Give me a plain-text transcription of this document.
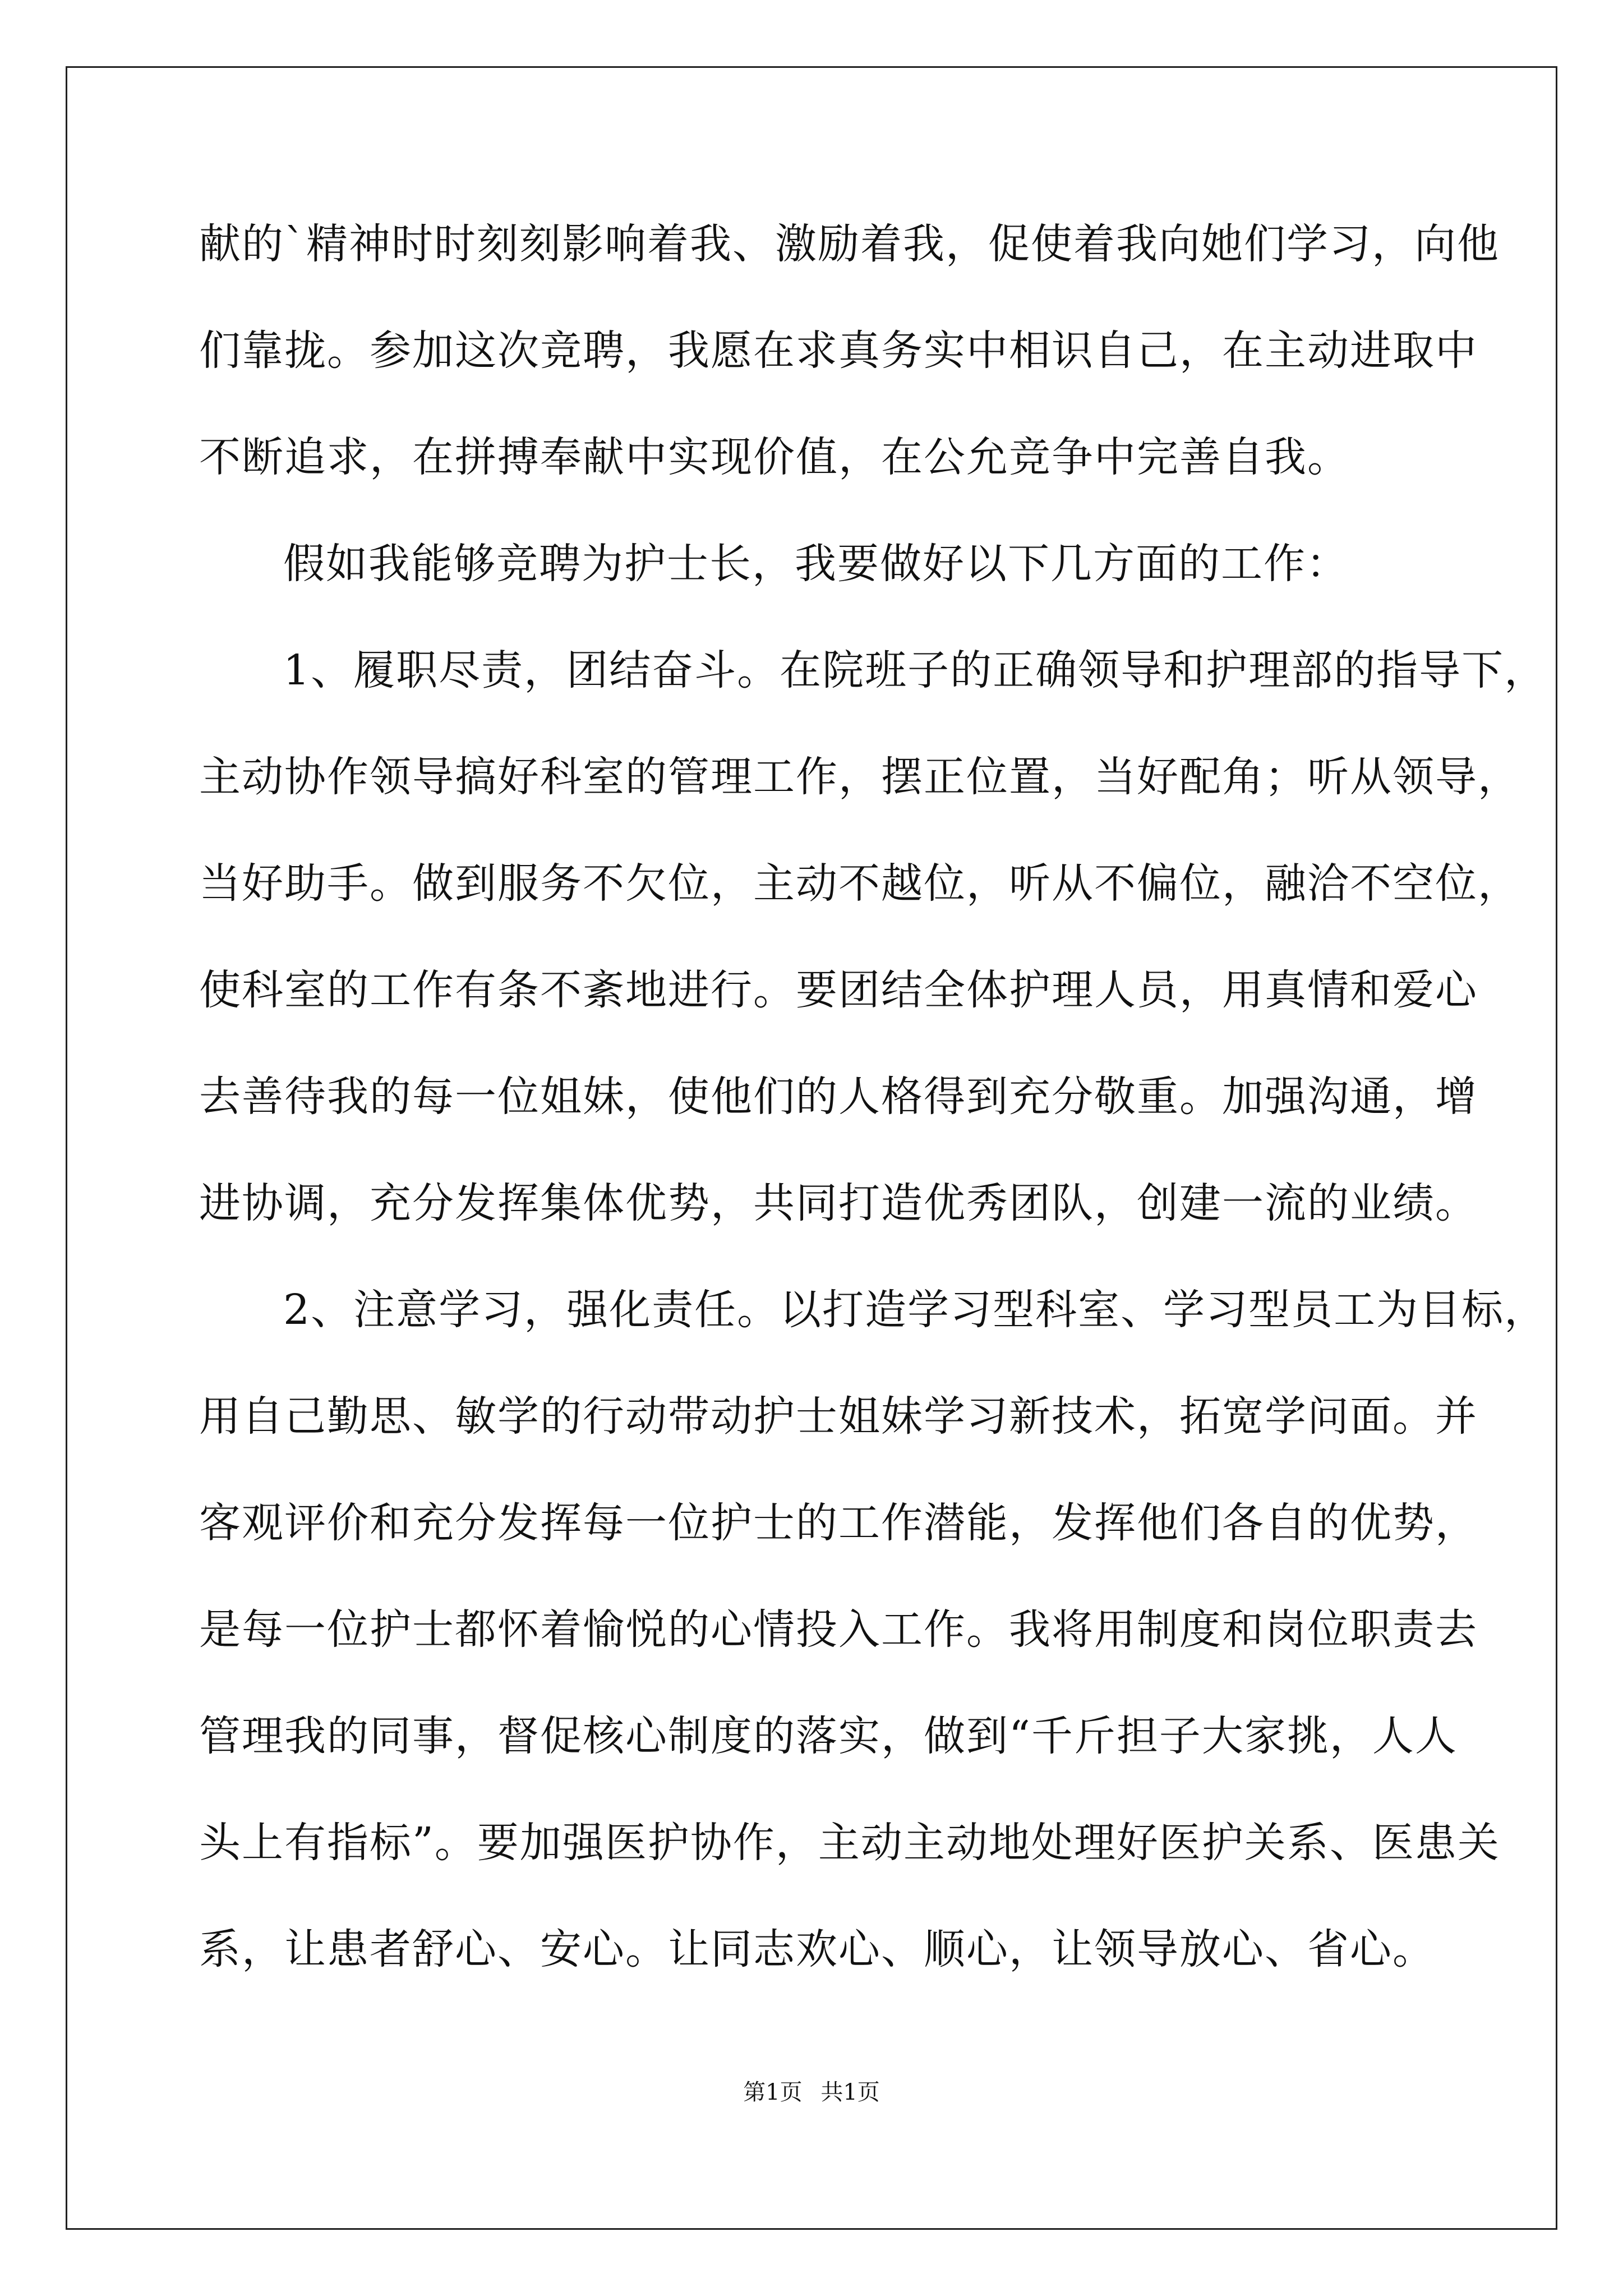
献的`精神时时刻刻影响着我、激励着我，促使着我向她们学习，向他
们靠拢。参加这次竞聘，我愿在求真务实中相识自己，在主动进取中
不断追求，在拼搏奉献中实现价值，在公允竞争中完善自我。
假如我能够竞聘为护士长，我要做好以下几方面的工作：
1、履职尽责，团结奋斗。在院班子的正确领导和护理部的指导下，
主动协作领导搞好科室的管理工作，摆正位置，当好配角；听从领导，
当好助手。做到服务不欠位，主动不越位，听从不偏位，融洽不空位，
使科室的工作有条不紊地进行。要团结全体护理人员，用真情和爱心
去善待我的每一位姐妹，使他们的人格得到充分敬重。加强沟通，增
进协调，充分发挥集体优势，共同打造优秀团队，创建一流的业绩。
2、注意学习，强化责任。以打造学习型科室、学习型员工为目标，
用自己勤思、敏学的行动带动护士姐妹学习新技术，拓宽学问面。并
客观评价和充分发挥每一位护士的工作潜能，发挥他们各自的优势，
是每一位护士都怀着愉悦的心情投入工作。我将用制度和岗位职责去
管理我的同事，督促核心制度的落实，做到“千斤担子大家挑，人人
头上有指标”。要加强医护协作，主动主动地处理好医护关系、医患关
系，让患者舒心、安心。让同志欢心、顺心，让领导放心、省心。
第1页 共1页
